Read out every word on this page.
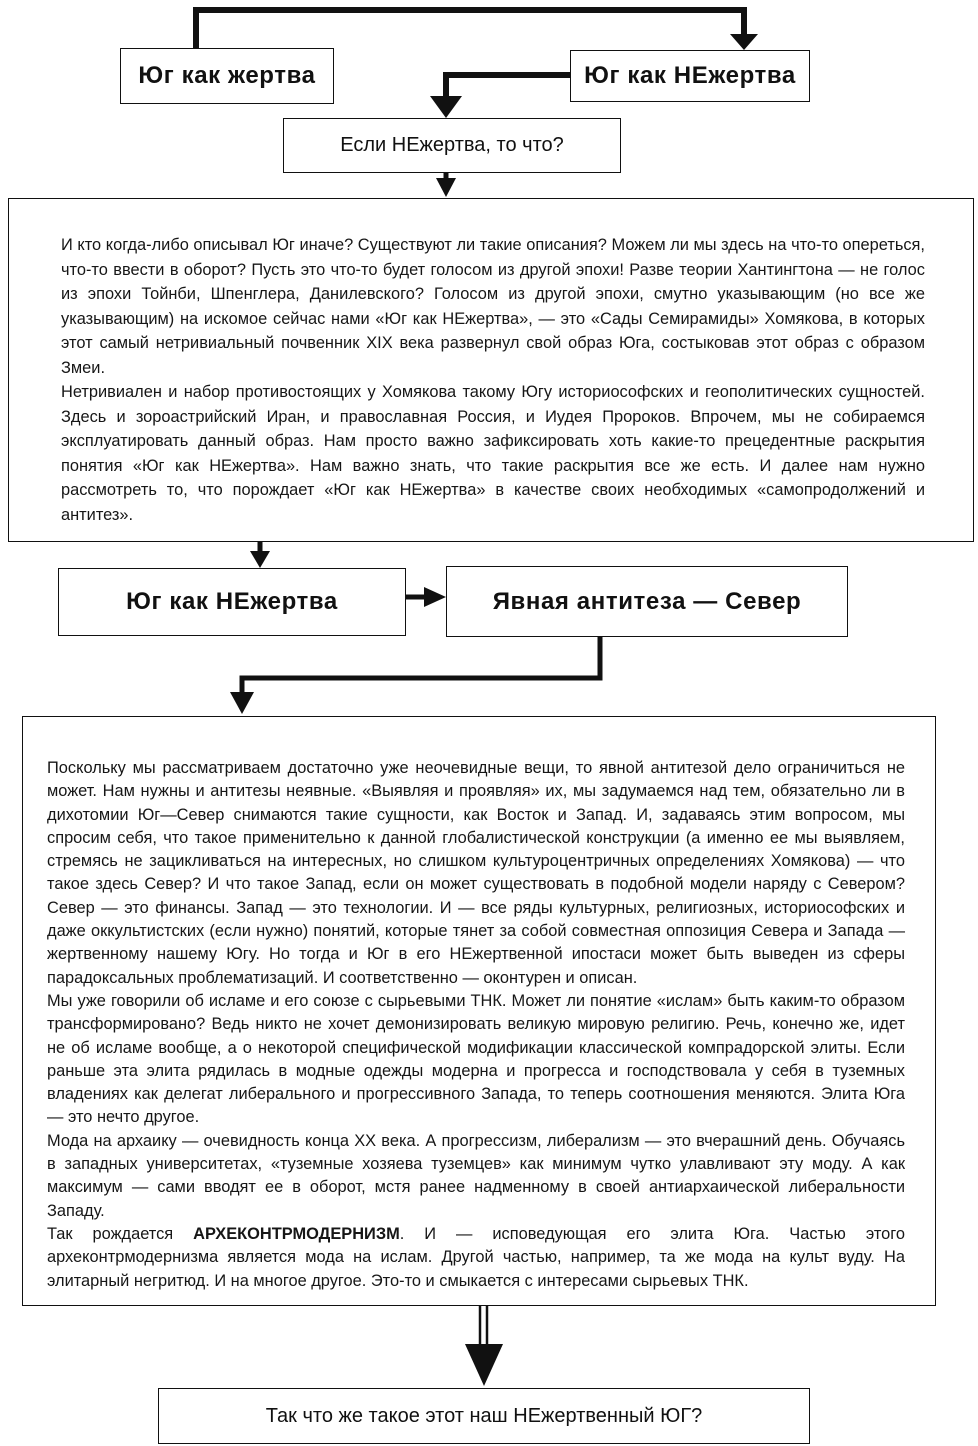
Юг как жертва	Юг как НЕжертва
Если НЕжертва, то что?

И кто когда-либо описывал Юг иначе? Существуют ли такие описания? Можем ли мы здесь на что-то опереться, что-то ввести в оборот? Пусть это что-то будет голосом из другой эпохи! Разве теории Хантингтона — не голос из эпохи Тойнби, Шпенглера, Данилевского? Голосом из другой эпохи, смутно указывающим (но все же указывающим) на искомое сейчас нами «Юг как НЕжертва», — это «Сады Семирамиды» Хомякова, в которых этот самый нетривиальный почвенник XIX века развернул свой образ Юга, состыковав этот образ с образом Змеи.

Нетривиален и набор противостоящих у Хомякова такому Югу историософских и геополитических сущностей. Здесь и зороастрийский Иран, и православная Россия, и Иудея Пророков. Впрочем, мы не собираемся эксплуатировать данный образ. Нам просто важно зафиксировать хоть какие-то прецедентные раскрытия понятия «Юг как НЕжертва». Нам важно знать, что такие раскрытия все же есть. И далее нам нужно рассмотреть то, что порождает «Юг как НЕжертва» в качестве своих необходимых «самопродолжений и антитез».

Юг как НЕжертва	Явная антитеза — Север

Поскольку мы рассматриваем достаточно уже неочевидные вещи, то явной антитезой дело ограничиться не может. Нам нужны и антитезы неявные. «Выявляя и проявляя» их, мы задумаемся над тем, обязательно ли в дихотомии Юг—Север снимаются такие сущности, как Восток и Запад. И, задаваясь этим вопросом, мы спросим себя, что такое применительно к данной глобалистической конструкции (а именно ее мы выявляем, стремясь не зацикливаться на интересных, но слишком культуроцентричных определениях Хомякова) — что такое здесь Север? И что такое Запад, если он может существовать в подобной модели наряду с Севером? Север — это финансы. Запад — это технологии. И — все ряды культурных, религиозных, историософских и даже оккультистских (если нужно) понятий, которые тянет за собой совместная оппозиция Севера и Запада — жертвенному нашему Югу. Но тогда и Юг в его НЕжертвенной ипостаси может быть выведен из сферы парадоксальных проблематизаций. И соответственно — оконтурен и описан.

Мы уже говорили об исламе и его союзе с сырьевыми ТНК. Может ли понятие «ислам» быть каким-то образом трансформировано? Ведь никто не хочет демонизировать великую мировую религию. Речь, конечно же, идет не об исламе вообще, а о некоторой специфической модификации классической компрадорской элиты. Если раньше эта элита рядилась в модные одежды модерна и прогресса и господствовала у себя в туземных владениях как делегат либерального и прогрессивного Запада, то теперь соотношения меняются. Элита Юга — это нечто другое.

Мода на архаику — очевидность конца XX века. А прогрессизм, либерализм — это вчерашний день. Обучаясь в западных университетах, «туземные хозяева туземцев» как минимум чутко улавливают эту моду. А как максимум — сами вводят ее в оборот, мстя ранее надменному в своей антиархаической либеральности Западу.

Так рождается АРХЕКОНТРМОДЕРНИЗМ. И — исповедующая его элита Юга. Частью этого археконтрмодернизма является мода на ислам. Другой частью, например, та же мода на культ вуду. На элитарный негритюд. И на многое другое. Это-то и смыкается с интересами сырьевых ТНК.

Так что же такое этот наш НЕжертвенный ЮГ?
